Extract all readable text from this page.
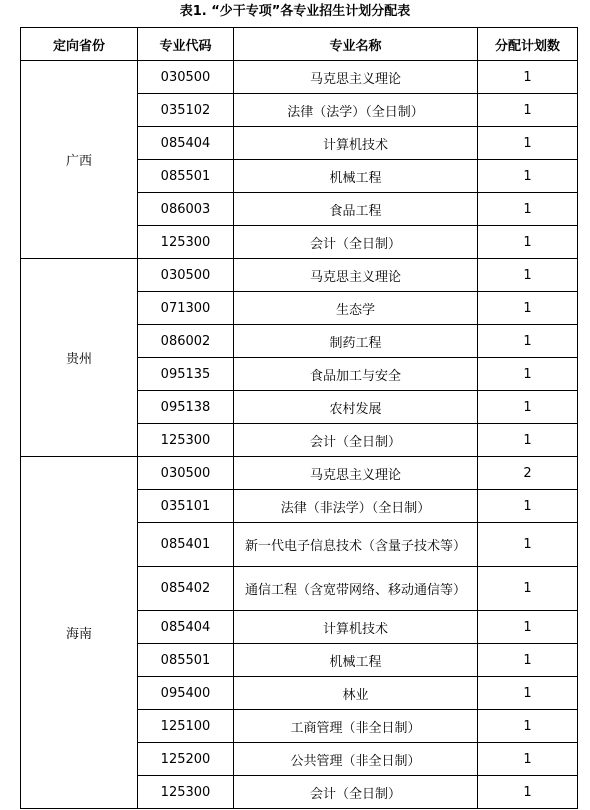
表1. “少干专项”各专业招生计划分配表
定向省份	专业代码	专业名称	分配计划数
广西	030500	马克思主义理论	1
	035102	法律（法学）（全日制）	1
	085404	计算机技术	1
	085501	机械工程	1
	086003	食品工程	1
	125300	会计（全日制）	1
贵州	030500	马克思主义理论	1
	071300	生态学	1
	086002	制药工程	1
	095135	食品加工与安全	1
	095138	农村发展	1
	125300	会计（全日制）	1
海南	030500	马克思主义理论	2
	035101	法律（非法学）（全日制）	1
	085401	新一代电子信息技术（含量子技术等）	1
	085402	通信工程（含宽带网络、移动通信等）	1
	085404	计算机技术	1
	085501	机械工程	1
	095400	林业	1
	125100	工商管理（非全日制）	1
	125200	公共管理（非全日制）	1
	125300	会计（全日制）	1
